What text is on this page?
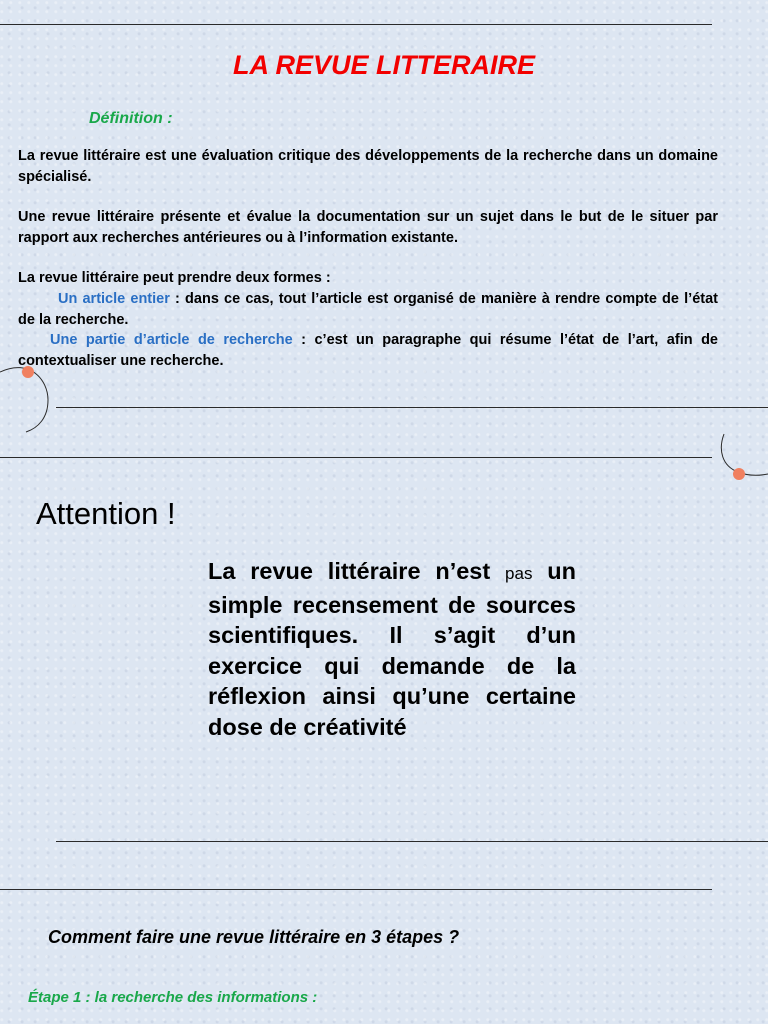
LA REVUE LITTERAIRE
Définition :
La revue littéraire est une évaluation critique des développements de la recherche dans un domaine spécialisé.
Une revue littéraire présente et évalue la documentation sur un sujet dans le but de le situer par rapport aux recherches antérieures ou à l’information existante.
La revue littéraire peut prendre deux formes :
Un article entier : dans ce cas, tout l’article est organisé de manière à rendre compte de l’état de la recherche.
Une partie d’article de recherche : c’est un paragraphe qui résume l’état de l’art, afin de contextualiser une recherche.
Attention !
La revue littéraire n’est pas un simple recensement de sources scientifiques. Il s’agit d’un exercice qui demande de la réflexion ainsi qu’une certaine dose de créativité
Comment faire une revue littéraire en 3 étapes ?
Étape 1 : la recherche des informations :
